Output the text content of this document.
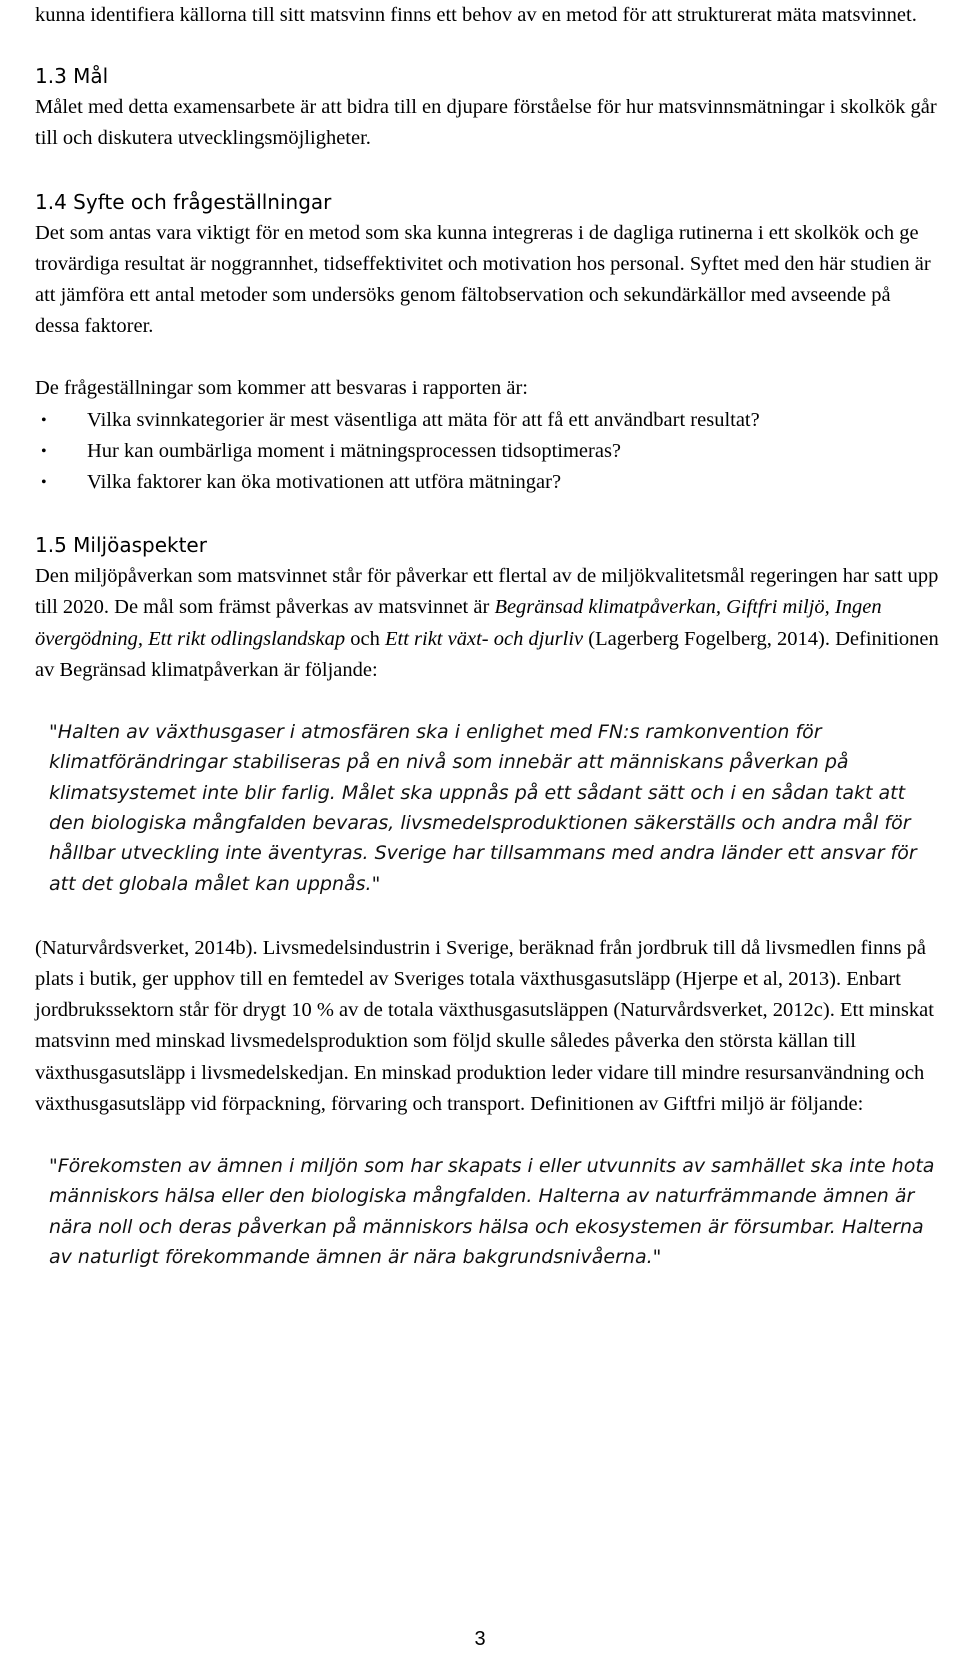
kunna identifiera källorna till sitt matsvinn finns ett behov av en metod för att strukturerat mäta matsvinnet.

1.3 Mål

Målet med detta examensarbete är att bidra till en djupare förståelse för hur matsvinnsmätningar i skolkök går till och diskutera utvecklingsmöjligheter.

1.4 Syfte och frågeställningar

Det som antas vara viktigt för en metod som ska kunna integreras i de dagliga rutinerna i ett skolkök och ge trovärdiga resultat är noggrannhet, tidseffektivitet och motivation hos personal. Syftet med den här studien är att jämföra ett antal metoder som undersöks genom fältobservation och sekundärkällor med avseende på dessa faktorer.

De frågeställningar som kommer att besvaras i rapporten är:

• Vilka svinnkategorier är mest väsentliga att mäta för att få ett användbart resultat?
• Hur kan oumbärliga moment i mätningsprocessen tidsoptimeras?
• Vilka faktorer kan öka motivationen att utföra mätningar?

1.5 Miljöaspekter

Den miljöpåverkan som matsvinnet står för påverkar ett flertal av de miljökvalitetsmål regeringen har satt upp till 2020. De mål som främst påverkas av matsvinnet är Begränsad klimatpåverkan, Giftfri miljö, Ingen övergödning, Ett rikt odlingslandskap och Ett rikt växt- och djurliv (Lagerberg Fogelberg, 2014). Definitionen av Begränsad klimatpåverkan är följande:

"Halten av växthusgaser i atmosfären ska i enlighet med FN:s ramkonvention för klimatförändringar stabiliseras på en nivå som innebär att människans påverkan på klimatsystemet inte blir farlig. Målet ska uppnås på ett sådant sätt och i en sådan takt att den biologiska mångfalden bevaras, livsmedelsproduktionen säkerställs och andra mål för hållbar utveckling inte äventyras. Sverige har tillsammans med andra länder ett ansvar för att det globala målet kan uppnås."

(Naturvårdsverket, 2014b). Livsmedelsindustrin i Sverige, beräknad från jordbruk till då livsmedlen finns på plats i butik, ger upphov till en femtedel av Sveriges totala växthusgasutsläpp (Hjerpe et al, 2013). Enbart jordbrukssektorn står för drygt 10 % av de totala växthusgasutsläppen (Naturvårdsverket, 2012c). Ett minskat matsvinn med minskad livsmedelsproduktion som följd skulle således påverka den största källan till växthusgasutsläpp i livsmedelskedjan. En minskad produktion leder vidare till mindre resursanvändning och växthusgasutsläpp vid förpackning, förvaring och transport. Definitionen av Giftfri miljö är följande:

"Förekomsten av ämnen i miljön som har skapats i eller utvunnits av samhället ska inte hota människors hälsa eller den biologiska mångfalden. Halterna av naturfrämmande ämnen är nära noll och deras påverkan på människors hälsa och ekosystemen är försumbar. Halterna av naturligt förekommande ämnen är nära bakgrundsnivåerna."

3
